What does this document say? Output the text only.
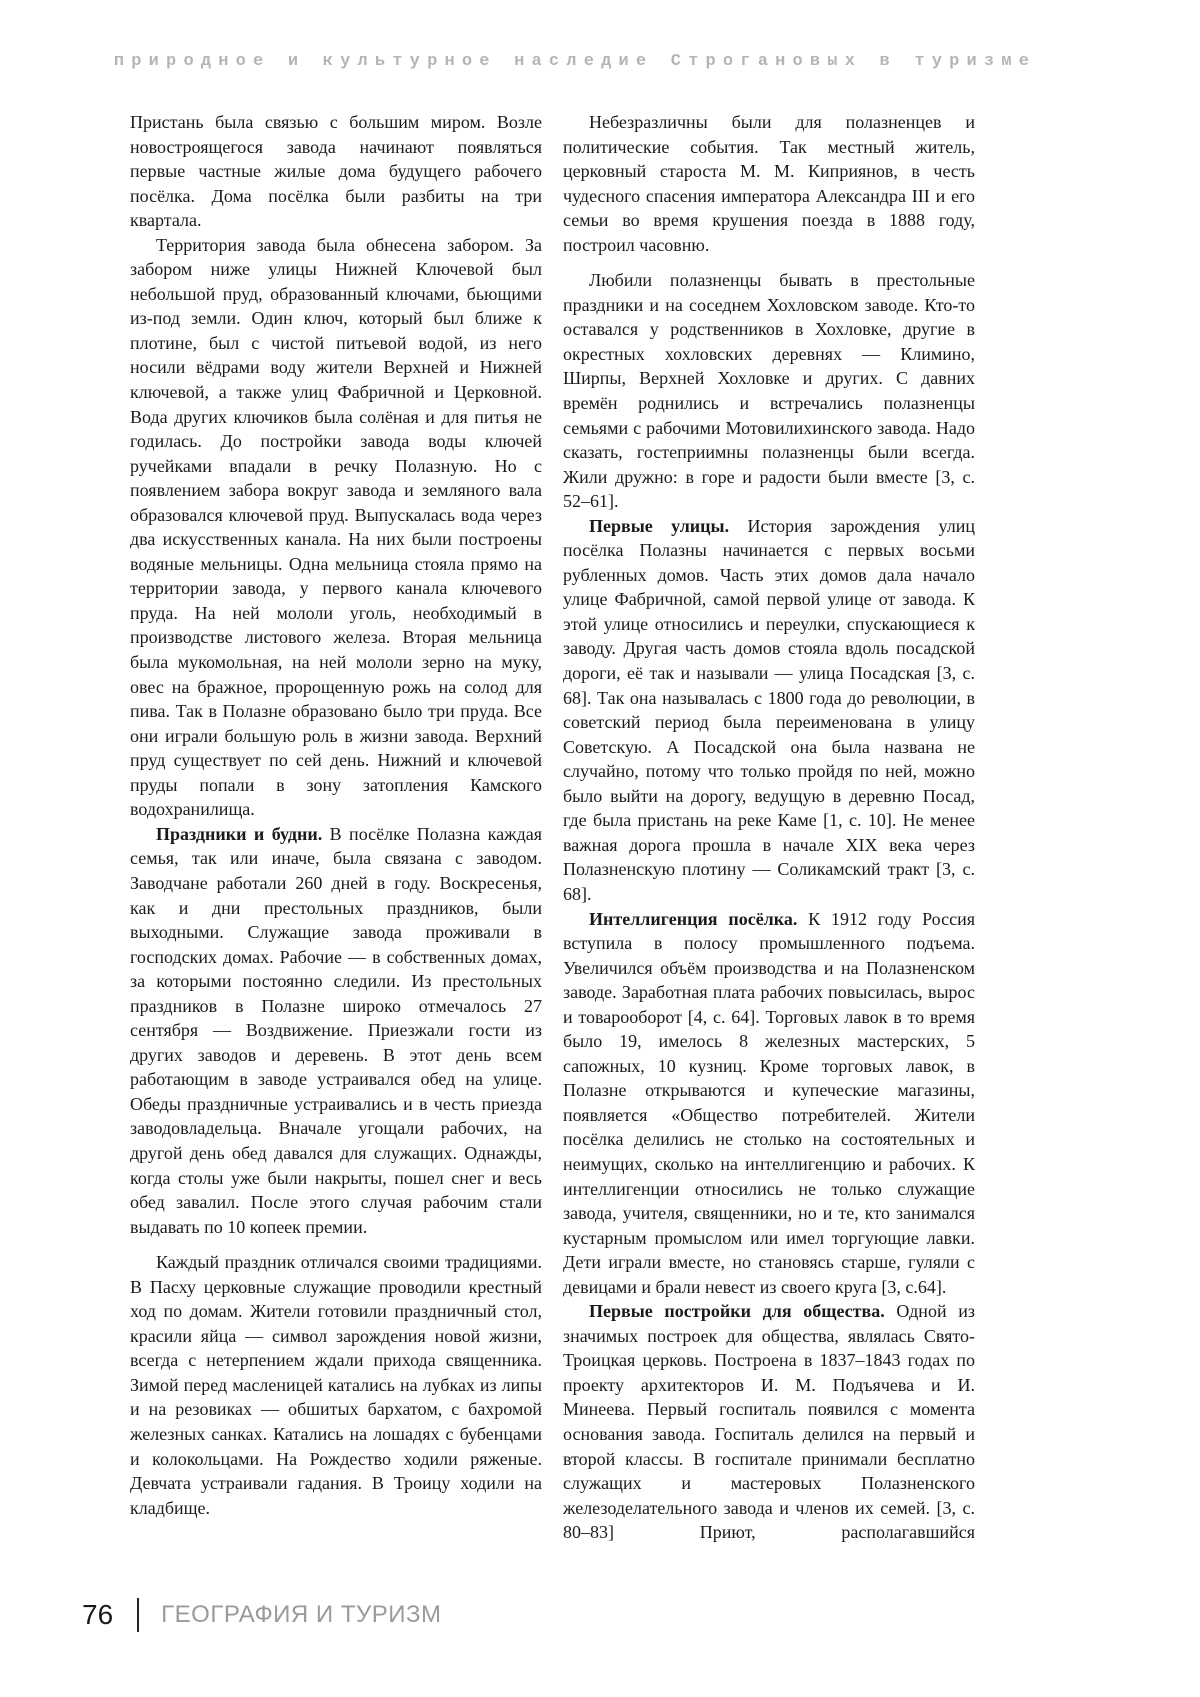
природное и культурное наследие Строгановых в туризме

Пристань была связью с большим миром. Возле новостроящегося завода начинают появляться первые частные жилые дома будущего рабочего посёлка. Дома посёлка были разбиты на три квартала.

Территория завода была обнесена забором. За забором ниже улицы Нижней Ключевой был небольшой пруд, образованный ключами, бьющими из-под земли. Один ключ, который был ближе к плотине, был с чистой питьевой водой, из него носили вёдрами воду жители Верхней и Нижней ключевой, а также улиц Фабричной и Церковной. Вода других ключиков была солёная и для питья не годилась. До постройки завода воды ключей ручейками впадали в речку Полазную. Но с появлением забора вокруг завода и земляного вала образовался ключевой пруд. Выпускалась вода через два искусственных канала. На них были построены водяные мельницы. Одна мельница стояла прямо на территории завода, у первого канала ключевого пруда. На ней мололи уголь, необходимый в производстве листового железа. Вторая мельница была мукомольная, на ней мололи зерно на муку, овес на бражное, пророщенную рожь на солод для пива. Так в Полазне образовано было три пруда. Все они играли большую роль в жизни завода. Верхний пруд существует по сей день. Нижний и ключевой пруды попали в зону затопления Камского водохранилища.

Праздники и будни. В посёлке Полазна каждая семья, так или иначе, была связана с заводом. Заводчане работали 260 дней в году. Воскресенья, как и дни престольных праздников, были выходными. Служащие завода проживали в господских домах. Рабочие — в собственных домах, за которыми постоянно следили. Из престольных праздников в Полазне широко отмечалось 27 сентября — Воздвижение. Приезжали гости из других заводов и деревень. В этот день всем работающим в заводе устраивался обед на улице. Обеды праздничные устраивались и в честь приезда заводовладельца. Вначале угощали рабочих, на другой день обед давался для служащих. Однажды, когда столы уже были накрыты, пошел снег и весь обед завалил. После этого случая рабочим стали выдавать по 10 копеек премии.

Каждый праздник отличался своими традициями. В Пасху церковные служащие проводили крестный ход по домам. Жители готовили праздничный стол, красили яйца — символ зарождения новой жизни, всегда с нетерпением ждали прихода священника. Зимой перед масленицей катались на лубках из липы и на резовиках — обшитых бархатом, с бахромой железных санках. Катались на лошадях с бубенцами и колокольцами. На Рождество ходили ряженые. Девчата устраивали гадания. В Троицу ходили на кладбище.

Небезразличны были для полазненцев и политические события. Так местный житель, церковный староста М. М. Киприянов, в честь чудесного спасения императора Александра III и его семьи во время крушения поезда в 1888 году, построил часовню.

Любили полазненцы бывать в престольные праздники и на соседнем Хохловском заводе. Кто-то оставался у родственников в Хохловке, другие в окрестных хохловских деревнях — Климино, Ширпы, Верхней Хохловке и других. С давних времён роднились и встречались полазненцы семьями с рабочими Мотовилихинского завода. Надо сказать, гостеприимны полазненцы были всегда. Жили дружно: в горе и радости были вместе [3, с. 52–61].

Первые улицы. История зарождения улиц посёлка Полазны начинается с первых восьми рубленных домов. Часть этих домов дала начало улице Фабричной, самой первой улице от завода. К этой улице относились и переулки, спускающиеся к заводу. Другая часть домов стояла вдоль посадской дороги, её так и называли — улица Посадская [3, с. 68]. Так она называлась с 1800 года до революции, в советский период была переименована в улицу Советскую. А Посадской она была названа не случайно, потому что только пройдя по ней, можно было выйти на дорогу, ведущую в деревню Посад, где была пристань на реке Каме [1, с. 10]. Не менее важная дорога прошла в начале XIX века через Полазненскую плотину — Соликамский тракт [3, с. 68].

Интеллигенция посёлка. К 1912 году Россия вступила в полосу промышленного подъема. Увеличился объём производства и на Полазненском заводе. Заработная плата рабочих повысилась, вырос и товарооборот [4, с. 64]. Торговых лавок в то время было 19, имелось 8 железных мастерских, 5 сапожных, 10 кузниц. Кроме торговых лавок, в Полазне открываются и купеческие магазины, появляется «Общество потребителей. Жители посёлка делились не столько на состоятельных и неимущих, сколько на интеллигенцию и рабочих. К интеллигенции относились не только служащие завода, учителя, священники, но и те, кто занимался кустарным промыслом или имел торгующие лавки. Дети играли вместе, но становясь старше, гуляли с девицами и брали невест из своего круга [3, с.64].

Первые постройки для общества. Одной из значимых построек для общества, являлась Свято-Троицкая церковь. Построена в 1837–1843 годах по проекту архитекторов И. М. Подъячева и И. Минеева. Первый госпиталь появился с момента основания завода. Госпиталь делился на первый и второй классы. В госпитале принимали бесплатно служащих и мастеровых Полазненского железоделательного завода и членов их семей. [3, с. 80–83] Приют, располагавшийся

76 ГЕОГРАФИЯ И ТУРИЗМ
